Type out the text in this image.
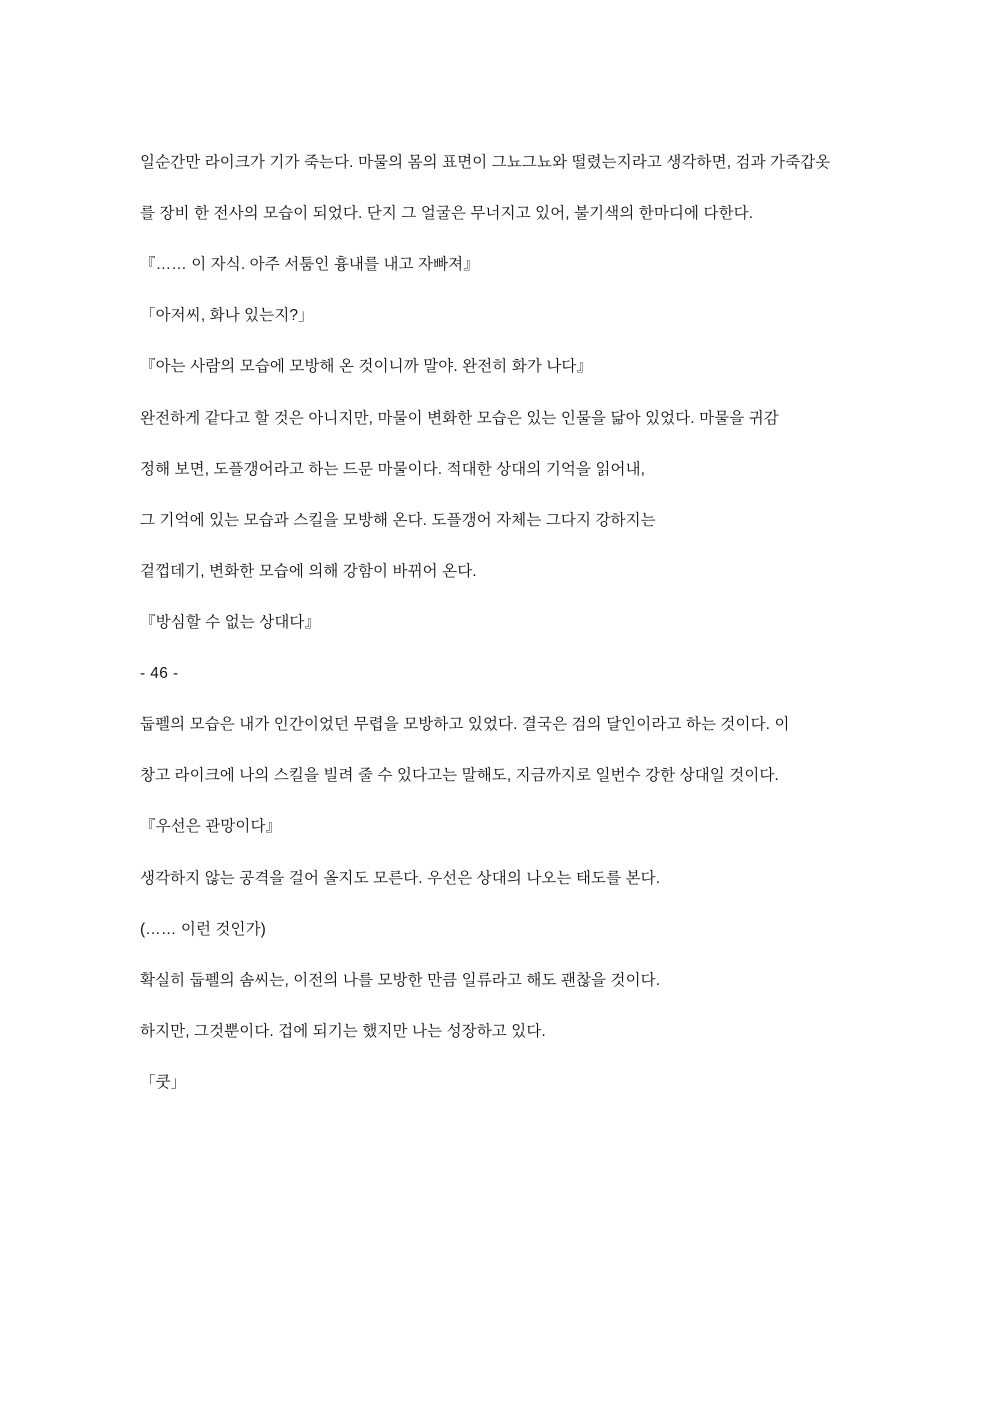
일순간만 라이크가 기가 죽는다. 마물의 몸의 표면이 그뇨그뇨와 떨렸는지라고 생각하면, 검과 가죽갑옷

를 장비 한 전사의 모습이 되었다. 단지 그 얼굴은 무너지고 있어, 불기색의 한마디에 다한다.

『…… 이 자식. 아주 서툼인 흉내를 내고 자빠져』

「아저씨, 화나 있는지?」

『아는 사람의 모습에 모방해 온 것이니까 말야. 완전히 화가 나다』

완전하게 같다고 할 것은 아니지만, 마물이 변화한 모습은 있는 인물을 닮아 있었다. 마물을 귀감

정해 보면, 도플갱어라고 하는 드문 마물이다. 적대한 상대의 기억을 읽어내,

그 기억에 있는 모습과 스킬을 모방해 온다. 도플갱어 자체는 그다지 강하지는

겉껍데기, 변화한 모습에 의해 강함이 바뀌어 온다.

『방심할 수 없는 상대다』

- 46 -

둡펠의 모습은 내가 인간이었던 무렵을 모방하고 있었다. 결국은 검의 달인이라고 하는 것이다. 이

창고 라이크에 나의 스킬을 빌려 줄 수 있다고는 말해도, 지금까지로 일번수 강한 상대일 것이다.

『우선은 관망이다』

생각하지 않는 공격을 걸어 올지도 모른다. 우선은 상대의 나오는 태도를 본다.

(…… 이런 것인가)

확실히 둡펠의 솜씨는, 이전의 나를 모방한 만큼 일류라고 해도 괜찮을 것이다.

하지만, 그것뿐이다. 겁에 되기는 했지만 나는 성장하고 있다.

「쿳」
